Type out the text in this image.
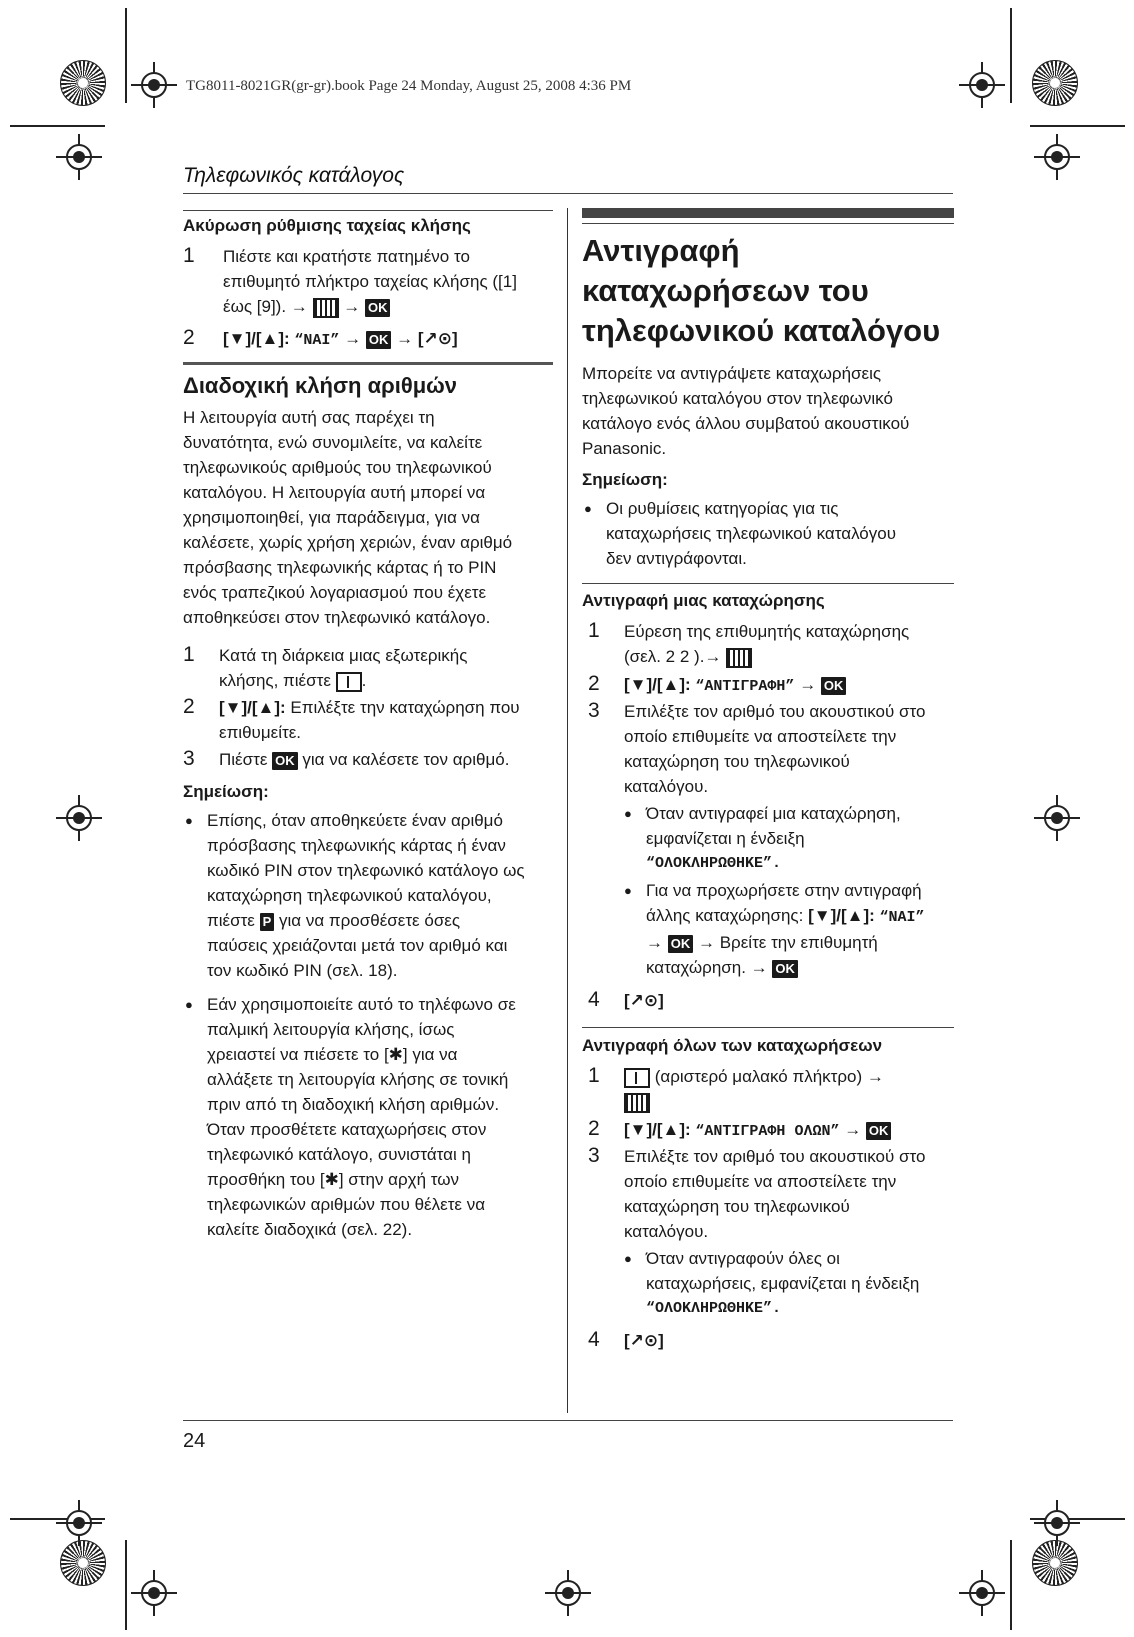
TG8011-8021GR(gr-gr).book Page 24 Monday, August 25, 2008 4:36 PM
Τηλεφωνικός κατάλογος
Ακύρωση ρύθμισης ταχείας κλήσης
1 Πιέστε και κρατήστε πατημένο το
επιθυμητό πλήκτρο ταχείας κλήσης ([1]
έως [9]). → → OK
2 [▼]/[▲]: “NAI” → OK → [↗⊙]
Διαδοχική κλήση αριθμών
Η λειτουργία αυτή σας παρέχει τη
δυνατότητα, ενώ συνομιλείτε, να καλείτε
τηλεφωνικούς αριθμούς του τηλεφωνικού
καταλόγου. Η λειτουργία αυτή μπορεί να
χρησιμοποιηθεί, για παράδειγμα, για να
καλέσετε, χωρίς χρήση χεριών, έναν αριθμό
πρόσβασης τηλεφωνικής κάρτας ή το PIN
ενός τραπεζικού λογαριασμού που έχετε
αποθηκεύσει στον τηλεφωνικό κατάλογο.
1 Κατά τη διάρκεια μιας εξωτερικής
κλήσης, πιέστε .
2 [▼]/[▲]: Επιλέξτε την καταχώρηση που
επιθυμείτε.
3 Πιέστε OK για να καλέσετε τον αριθμό.
Σημείωση:
● Επίσης, όταν αποθηκεύετε έναν αριθμό
πρόσβασης τηλεφωνικής κάρτας ή έναν
κωδικό PIN στον τηλεφωνικό κατάλογο ως
καταχώρηση τηλεφωνικού καταλόγου,
πιέστε P για να προσθέσετε όσες
παύσεις χρειάζονται μετά τον αριθμό και
τον κωδικό PIN (σελ. 18).
● Εάν χρησιμοποιείτε αυτό το τηλέφωνο σε
παλμική λειτουργία κλήσης, ίσως
χρειαστεί να πιέσετε το [✱] για να
αλλάξετε τη λειτουργία κλήσης σε τονική
πριν από τη διαδοχική κλήση αριθμών.
Όταν προσθέτετε καταχωρήσεις στον
τηλεφωνικό κατάλογο, συνιστάται η
προσθήκη του [✱] στην αρχή των
τηλεφωνικών αριθμών που θέλετε να
καλείτε διαδοχικά (σελ. 22).
Αντιγραφή
καταχωρήσεων του
τηλεφωνικού καταλόγου
Μπορείτε να αντιγράψετε καταχωρήσεις
τηλεφωνικού καταλόγου στον τηλεφωνικό
κατάλογο ενός άλλου συμβατού ακουστικού
Panasonic.
Σημείωση:
● Οι ρυθμίσεις κατηγορίας για τις
καταχωρήσεις τηλεφωνικού καταλόγου
δεν αντιγράφονται.
Αντιγραφή μιας καταχώρησης
1 Εύρεση της επιθυμητής καταχώρησης
(σελ. 2 2 ).→
2 [▼]/[▲]: “ΑΝΤΙΓΡΑΦΗ” → OK
3 Επιλέξτε τον αριθμό του ακουστικού στο
οποίο επιθυμείτε να αποστείλετε την
καταχώρηση του τηλεφωνικού
καταλόγου.
● Όταν αντιγραφεί μια καταχώρηση,
εμφανίζεται η ένδειξη
“ΟΛΟΚΛΗΡΩΘΗΚΕ”.
● Για να προχωρήσετε στην αντιγραφή
άλλης καταχώρησης: [▼]/[▲]: “NAI”
→ OK → Βρείτε την επιθυμητή
καταχώρηση. → OK
4 [↗⊙]
Αντιγραφή όλων των καταχωρήσεων
1	(αριστερό μαλακό πλήκτρο) →
2 [▼]/[▲]: “ΑΝΤΙΓΡΑΦΗ ΟΛΩΝ” → OK
3 Επιλέξτε τον αριθμό του ακουστικού στο
οποίο επιθυμείτε να αποστείλετε την
καταχώρηση του τηλεφωνικού
καταλόγου.
● Όταν αντιγραφούν όλες οι
καταχωρήσεις, εμφανίζεται η ένδειξη
“ΟΛΟΚΛΗΡΩΘΗΚΕ”.
4 [↗⊙]
24
